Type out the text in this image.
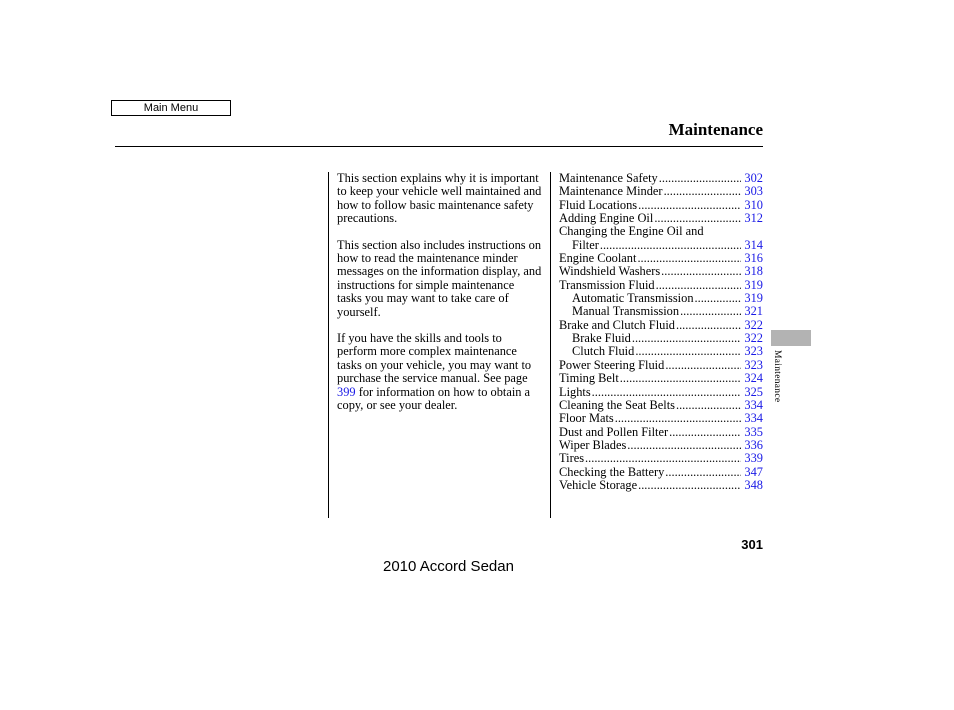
Main Menu
Maintenance

This section explains why it is important to keep your vehicle well maintained and how to follow basic maintenance safety precautions.

This section also includes instructions on how to read the maintenance minder messages on the information display, and instructions for simple maintenance tasks you may want to take care of yourself.

If you have the skills and tools to perform more complex maintenance tasks on your vehicle, you may want to purchase the service manual. See page 399 for information on how to obtain a copy, or see your dealer.

Maintenance Safety .....	302
Maintenance Minder .....	303
Fluid Locations .....	310
Adding Engine Oil .....	312
Changing the Engine Oil and
Filter .....	314
Engine Coolant .....	316
Windshield Washers .....	318
Transmission Fluid .....	319
Automatic Transmission .....	319
Manual Transmission .....	321
Brake and Clutch Fluid .....	322
Brake Fluid .....	322
Clutch Fluid .....	323
Power Steering Fluid .....	323
Timing Belt .....	324
Lights .....	325
Cleaning the Seat Belts .....	334
Floor Mats .....	334
Dust and Pollen Filter .....	335
Wiper Blades .....	336
Tires .....	339
Checking the Battery .....	347
Vehicle Storage .....	348
Maintenance
301
2010 Accord Sedan
